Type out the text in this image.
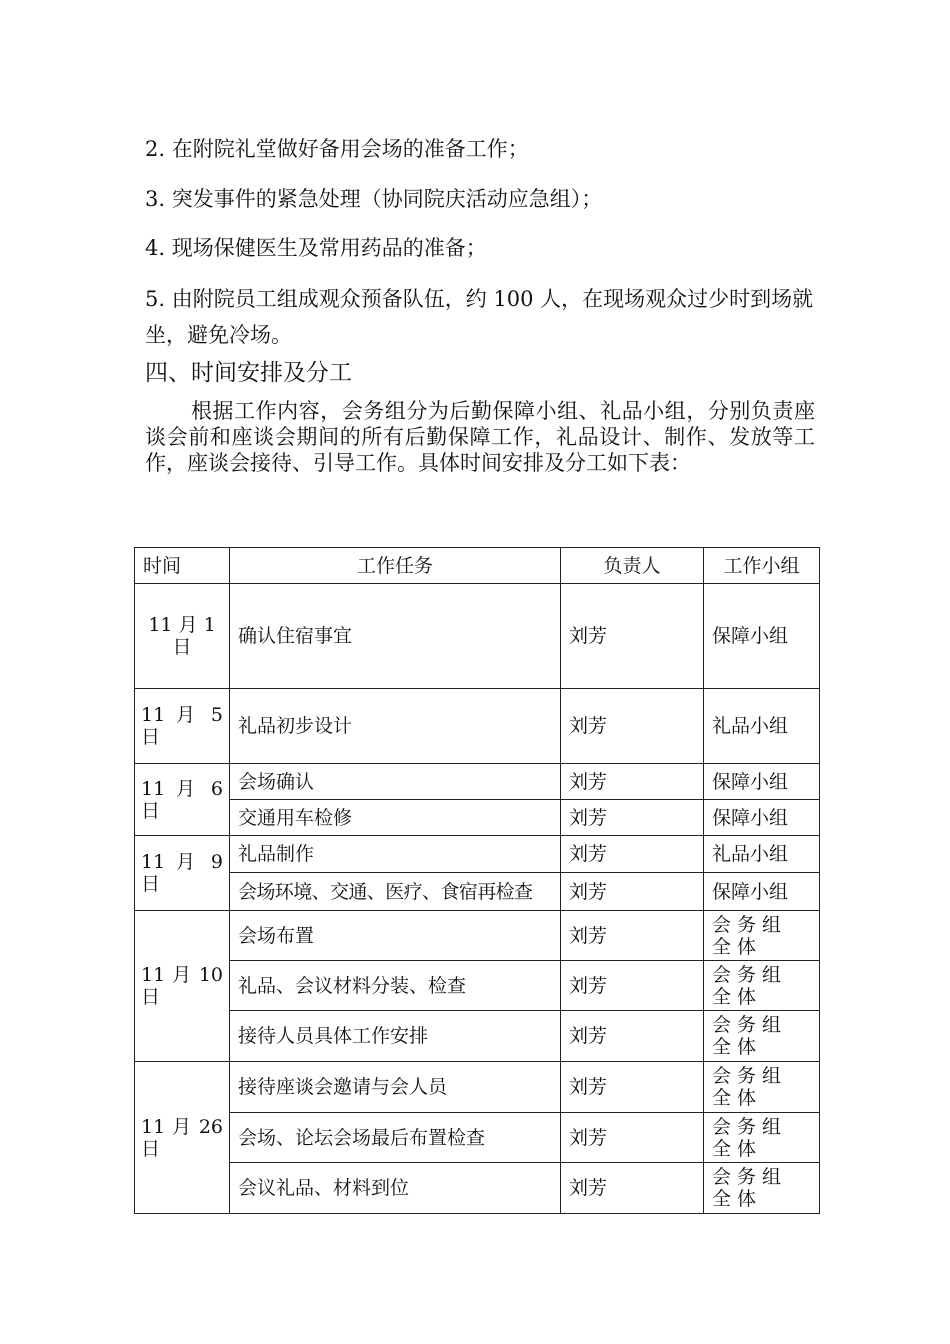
2. 在附院礼堂做好备用会场的准备工作；
3. 突发事件的紧急处理（协同院庆活动应急组）；
4. 现场保健医生及常用药品的准备；
5. 由附院员工组成观众预备队伍，约 100 人，在现场观众过少时到场就坐，避免冷场。
四、时间安排及分工
根据工作内容，会务组分为后勤保障小组、礼品小组，分别负责座谈会前和座谈会期间的所有后勤保障工作，礼品设计、制作、发放等工作，座谈会接待、引导工作。具体时间安排及分工如下表：
时间	工作任务	负责人	工作小组

11 月 1 日	确认住宿事宜	刘芳	保障小组

11 月 5 日	礼品初步设计	刘芳	礼品小组

11 月 6 日	会场确认	刘芳	保障小组
	交通用车检修	刘芳	保障小组

11 月 9 日	礼品制作	刘芳	礼品小组
	会场环境、交通、医疗、食宿再检查	刘芳	保障小组

11 月 10 日	会场布置	刘芳	会务组全体

	礼品、会议材料分装、检查	刘芳	会务组全体

	接待人员具体工作安排	刘芳	会务组全体

11 月 26 日	接待座谈会邀请与会人员	刘芳	会务组全体

	会场、论坛会场最后布置检查	刘芳	会务组全体

	会议礼品、材料到位	刘芳	会务组全体
